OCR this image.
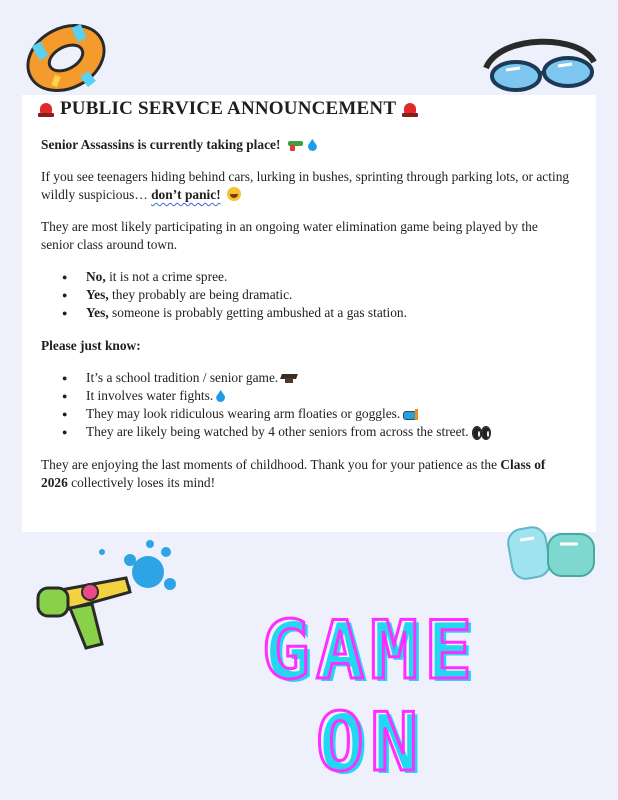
PUBLIC SERVICE ANNOUNCEMENT

Senior Assassins is currently taking place!

If you see teenagers hiding behind cars, lurking in bushes, sprinting through parking lots, or acting wildly suspicious… don’t panic!

They are most likely participating in an ongoing water elimination game being played by the senior class around town.

● No, it is not a crime spree.
● Yes, they probably are being dramatic.
● Yes, someone is probably getting ambushed at a gas station.

Please just know:

● It’s a school tradition / senior game.
● It involves water fights.
● They may look ridiculous wearing arm floaties or goggles.
● They are likely being watched by 4 other seniors from across the street.

They are enjoying the last moments of childhood. Thank you for your patience as the Class of 2026 collectively loses its mind!

GAME
ON
